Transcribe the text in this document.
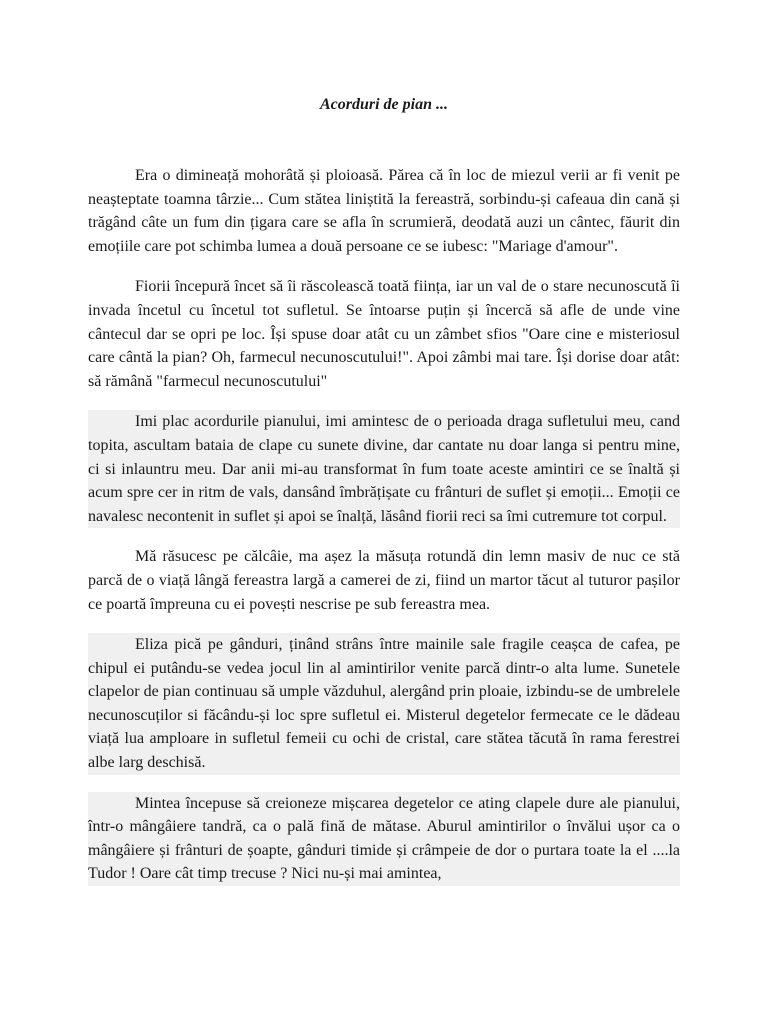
Acorduri de pian ...

Era o dimineață mohorâtă și ploioasă. Părea că în loc de miezul verii ar fi venit pe neașteptate toamna târzie... Cum stătea liniștită la fereastră, sorbindu-și cafeaua din cană și trăgând câte un fum din țigara care se afla în scrumieră, deodată auzi un cântec, făurit din emoțiile care pot schimba lumea a două persoane ce se iubesc: "Mariage d'amour".

Fiorii începură încet să îi răscolească toată ființa, iar un val de o stare necunoscută îi invada încetul cu încetul tot sufletul. Se întoarse puțin și încercă să afle de unde vine cântecul dar se opri pe loc. Își spuse doar atât cu un zâmbet sfios "Oare cine e misteriosul care cântă la pian? Oh, farmecul necunoscutului!". Apoi zâmbi mai tare. Își dorise doar atât: să rămână "farmecul necunoscutului"

Imi plac acordurile pianului, imi amintesc de o perioada draga sufletului meu, cand topita, ascultam bataia de clape cu sunete divine, dar cantate nu doar langa si pentru mine, ci si inlauntru meu. Dar anii mi-au transformat în fum toate aceste amintiri ce se înaltă și acum spre cer in ritm de vals, dansând îmbrățișate cu frânturi de suflet și emoții... Emoții ce navalesc necontenit in suflet și apoi se înalță, lăsând fiorii reci sa îmi cutremure tot corpul.

Mă răsucesc pe călcâie, ma așez la măsuța rotundă din lemn masiv de nuc ce stă parcă de o viață lângă fereastra largă a camerei de zi, fiind un martor tăcut al tuturor pașilor ce poartă împreuna cu ei povești nescrise pe sub fereastra mea.

Eliza pică pe gânduri, ținând strâns între mainile sale fragile ceașca de cafea, pe chipul ei putându-se vedea jocul lin al amintirilor venite parcă dintr-o alta lume. Sunetele clapelor de pian continuau să umple văzduhul, alergând prin ploaie, izbindu-se de umbrelele necunoscuților si făcându-și loc spre sufletul ei. Misterul degetelor fermecate ce le dădeau viață lua amploare in sufletul femeii cu ochi de cristal, care stătea tăcută în rama ferestrei albe larg deschisă.

Mintea începuse să creioneze mișcarea degetelor ce ating clapele dure ale pianului, într-o mângâiere tandră, ca o pală fină de mătase. Aburul amintirilor o învălui ușor ca o mângâiere și frânturi de șoapte, gânduri timide și crâmpeie de dor o purtara toate la el ....la Tudor ! Oare cât timp trecuse ? Nici nu-și mai amintea,
